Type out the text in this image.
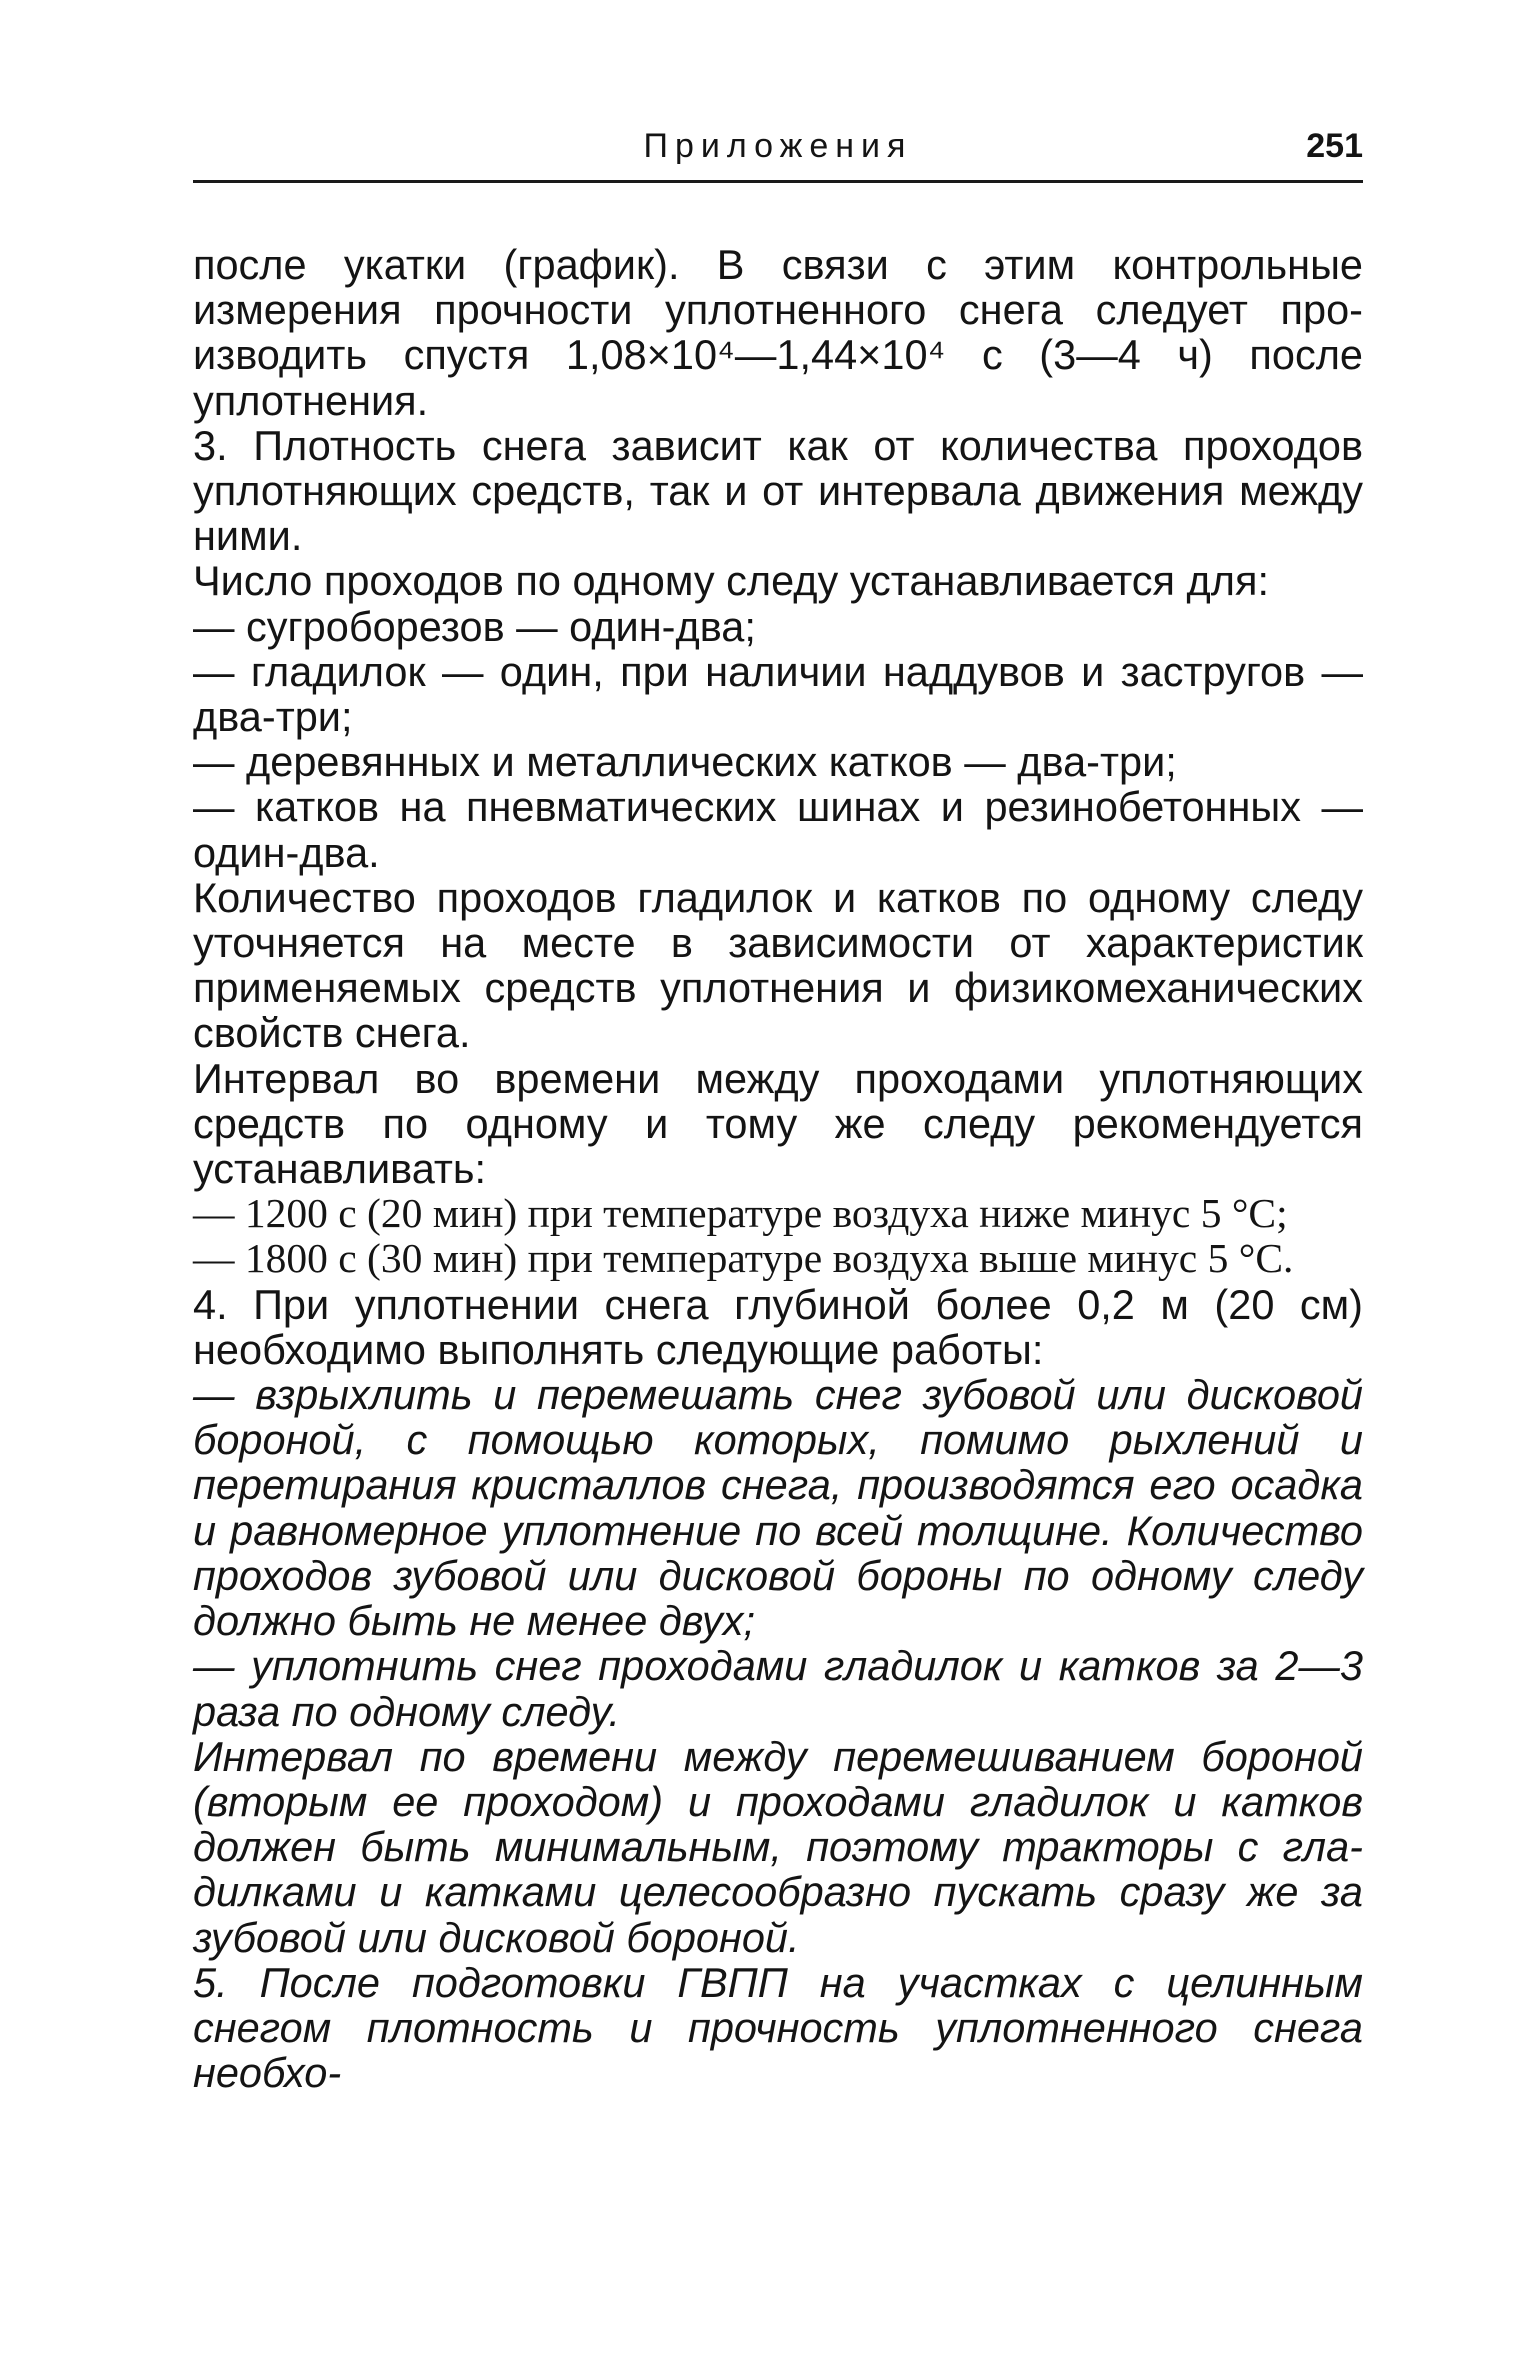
Приложения	251

после укатки (график). В связи с этим контрольные измерения прочности уплотненного снега следует производить спустя 1,08×10⁴—1,44×10⁴ с (3—4 ч) после уплотнения.

3. Плотность снега зависит как от количества проходов уплотняющих средств, так и от интервала движения между ними.

Число проходов по одному следу устанавливается для:

— сугроборезов — один-два;

— гладилок — один, при наличии наддувов и застругов — два-три;

— деревянных и металлических катков — два-три;

— катков на пневматических шинах и резинобетонных — один-два.

Количество проходов гладилок и катков по одному следу уточняется на месте в зависимости от характеристик применяемых средств уплотнения и физикомеханических свойств снега.

Интервал во времени между проходами уплотняющих средств по одному и тому же следу рекомендуется устанавливать:

— 1200 с (20 мин) при температуре воздуха ниже минус 5 °С;

— 1800 с (30 мин) при температуре воздуха выше минус 5 °С.

4. При уплотнении снега глубиной более 0,2 м (20 см) необходимо выполнять следующие работы:

— взрыхлить и перемешать снег зубовой или дисковой бороной, с помощью которых, помимо рыхлений и перетирания кристаллов снега, производятся его осадка и равномерное уплотнение по всей толщине. Количество проходов зубовой или дисковой бороны по одному следу должно быть не менее двух;

— уплотнить снег проходами гладилок и катков за 2—3 раза по одному следу.

Интервал по времени между перемешиванием бороной (вторым ее проходом) и проходами гладилок и катков должен быть минимальным, поэтому тракторы с гладилками и катками целесообразно пускать сразу же за зубовой или дисковой бороной.

5. После подготовки ГВПП на участках с целинным снегом плотность и прочность уплотненного снега необхо-
